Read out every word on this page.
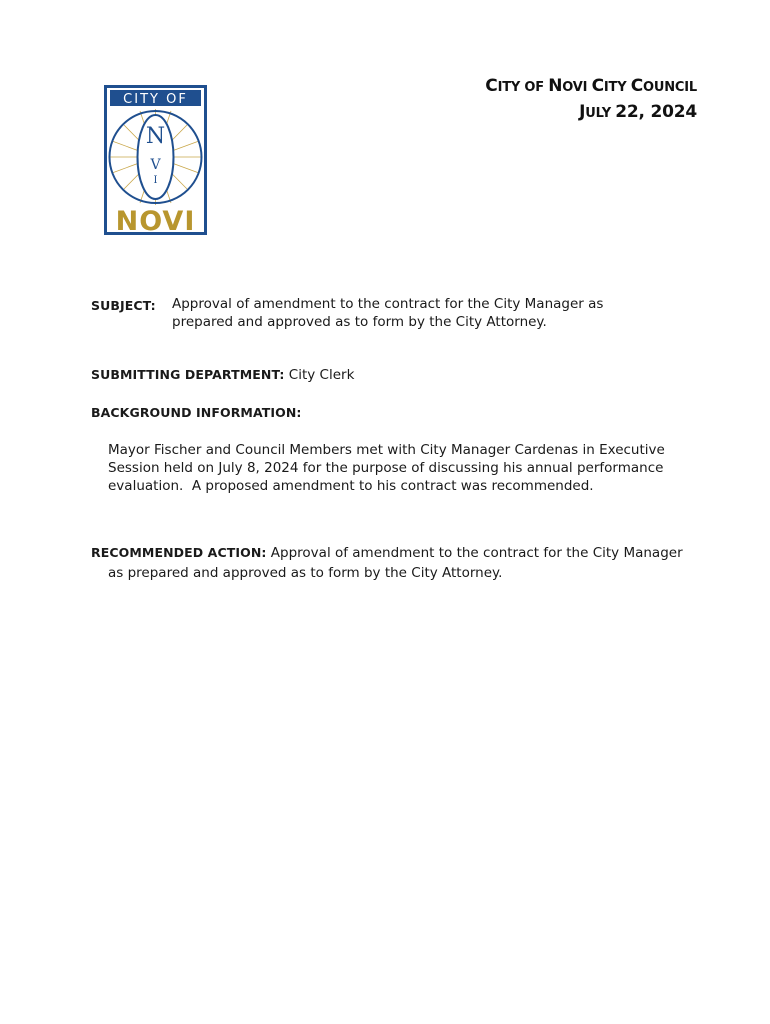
CITY OF
N
V
I
NOVI
CITY OF NOVI CITY COUNCIL
JULY 22, 2024
SUBJECT: Approval of amendment to the contract for the City Manager as
prepared and approved as to form by the City Attorney.
SUBMITTING DEPARTMENT: City Clerk
BACKGROUND INFORMATION:
Mayor Fischer and Council Members met with City Manager Cardenas in Executive
Session held on July 8, 2024 for the purpose of discussing his annual performance
evaluation.  A proposed amendment to his contract was recommended.
RECOMMENDED ACTION: Approval of amendment to the contract for the City Manager
as prepared and approved as to form by the City Attorney.
